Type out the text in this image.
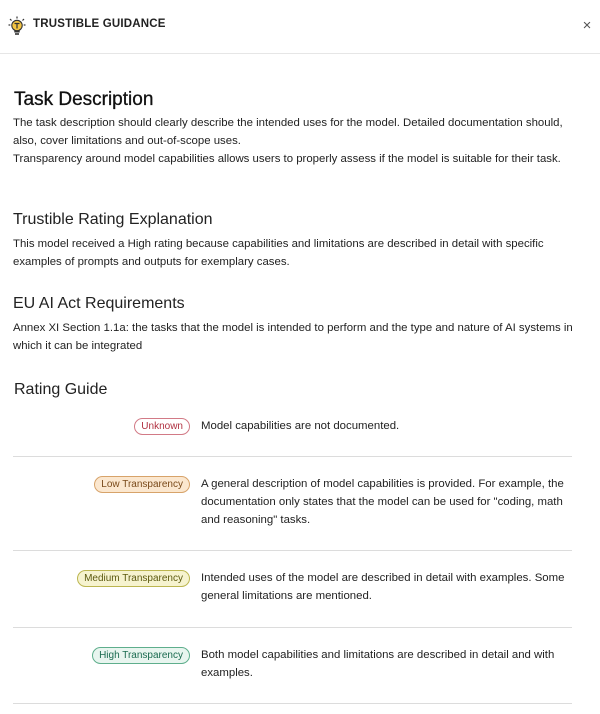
TRUSTIBLE GUIDANCE	×
Task Description

The task description should clearly describe the intended uses for the model. Detailed documentation should, also, cover limitations and out-of-scope uses.

Transparency around model capabilities allows users to properly assess if the model is suitable for their task.

Trustible Rating Explanation

This model received a High rating because capabilities and limitations are described in detail with specific examples of prompts and outputs for exemplary cases.

EU AI Act Requirements

Annex XI Section 1.1a: the tasks that the model is intended to perform and the type and nature of AI systems in which it can be integrated

Rating Guide
Unknown	Model capabilities are not documented.
Low Transparency	A general description of model capabilities is provided. For example, the documentation only states that the model can be used for "coding, math and reasoning" tasks.
Medium Transparency	Intended uses of the model are described in detail with examples. Some general limitations are mentioned.
High Transparency	Both model capabilities and limitations are described in detail and with examples.
